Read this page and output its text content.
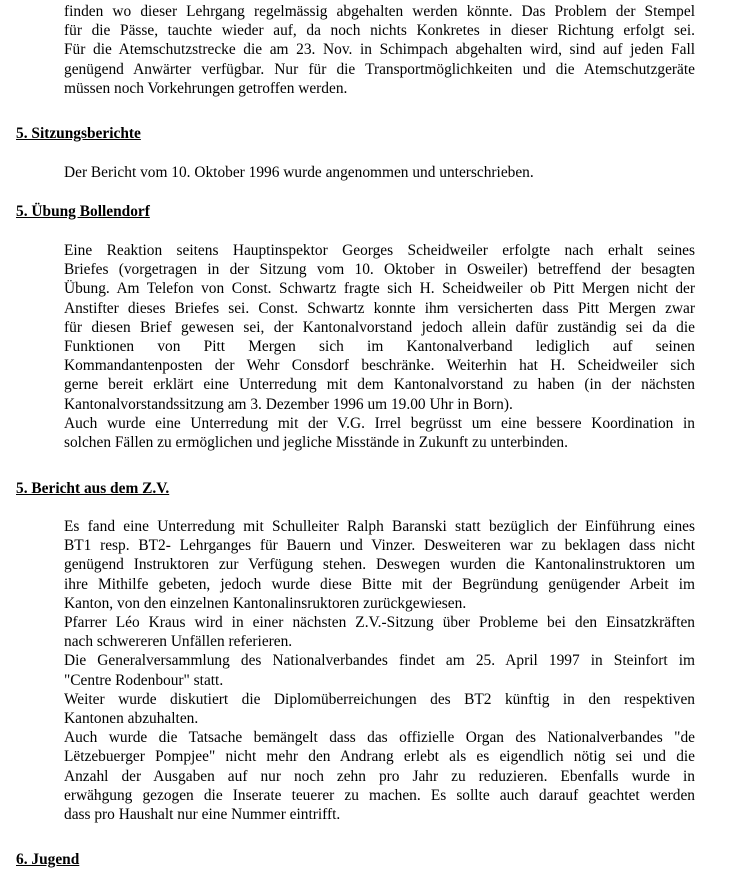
finden wo dieser Lehrgang regelmässig abgehalten werden könnte. Das Problem der Stempel
für die Pässe, tauchte wieder auf, da noch nichts Konkretes in dieser Richtung erfolgt sei.
Für die Atemschutzstrecke die am 23. Nov. in Schimpach abgehalten wird, sind auf jeden Fall
genügend Anwärter verfügbar. Nur für die Transportmöglichkeiten und die Atemschutzgeräte
müssen noch Vorkehrungen getroffen werden.
5. Sitzungsberichte
Der Bericht vom 10. Oktober 1996 wurde angenommen und unterschrieben.
5. Übung Bollendorf
Eine Reaktion seitens Hauptinspektor Georges Scheidweiler erfolgte nach erhalt seines
Briefes (vorgetragen in der Sitzung vom 10. Oktober in Osweiler) betreffend der besagten
Übung. Am Telefon von Const. Schwartz fragte sich H. Scheidweiler ob Pitt Mergen nicht der
Anstifter dieses Briefes sei. Const. Schwartz konnte ihm versicherten dass Pitt Mergen zwar
für diesen Brief gewesen sei, der Kantonalvorstand jedoch allein dafür zuständig sei da die
Funktionen von Pitt Mergen sich im Kantonalverband lediglich auf seinen
Kommandantenposten der Wehr Consdorf beschränke. Weiterhin hat H. Scheidweiler sich
gerne bereit erklärt eine Unterredung mit dem Kantonalvorstand zu haben (in der nächsten
Kantonalvorstandssitzung am 3. Dezember 1996 um 19.00 Uhr in Born).
Auch wurde eine Unterredung mit der V.G. Irrel begrüsst um eine bessere Koordination in
solchen Fällen zu ermöglichen und jegliche Misstände in Zukunft zu unterbinden.
5. Bericht aus dem Z.V.
Es fand eine Unterredung mit Schulleiter Ralph Baranski statt bezüglich der Einführung eines
BT1 resp. BT2- Lehrganges für Bauern und Vinzer. Desweiteren war zu beklagen dass nicht
genügend Instruktoren zur Verfügung stehen. Deswegen wurden die Kantonalinstruktoren um
ihre Mithilfe gebeten, jedoch wurde diese Bitte mit der Begründung genügender Arbeit im
Kanton, von den einzelnen Kantonalinsruktoren zurückgewiesen.
Pfarrer Léo Kraus wird in einer nächsten Z.V.-Sitzung über Probleme bei den Einsatzkräften
nach schwereren Unfällen referieren.
Die Generalversammlung des Nationalverbandes findet am 25. April 1997 in Steinfort im
"Centre Rodenbour" statt.
Weiter wurde diskutiert die Diplomüberreichungen des BT2 künftig in den respektiven
Kantonen abzuhalten.
Auch wurde die Tatsache bemängelt dass das offizielle Organ des Nationalverbandes "de
Lëtzebuerger Pompjee" nicht mehr den Andrang erlebt als es eigendlich nötig sei und die
Anzahl der Ausgaben auf nur noch zehn pro Jahr zu reduzieren. Ebenfalls wurde in
erwähgung gezogen die Inserate teuerer zu machen. Es sollte auch darauf geachtet werden
dass pro Haushalt nur eine Nummer eintrifft.
6. Jugend
